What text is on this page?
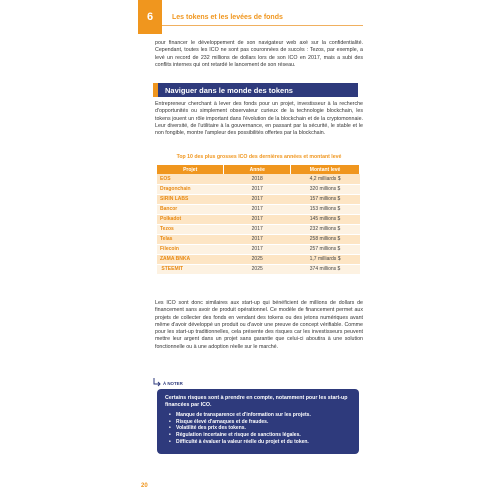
6	Les tokens et les levées de fonds

pour financer le développement de son navigateur web axé sur la confidentialité. Cependant, toutes les ICO ne sont pas couronnées de succès : Tezos, par exemple, a levé un record de 232 millions de dollars lors de son ICO en 2017, mais a subi des conflits internes qui ont retardé le lancement de son réseau.

Naviguer dans le monde des tokens

Entrepreneur cherchant à lever des fonds pour un projet, investisseur à la recherche d'opportunités ou simplement observateur curieux de la technologie blockchain, les tokens jouent un rôle important dans l'évolution de la blockchain et de la cryptomonnaie. Leur diversité, de l'utilitaire à la gouvernance, en passant par la sécurité, le stable et le non fongible, montre l'ampleur des possibilités offertes par la blockchain.

Top 10 des plus grosses ICO des dernières années et montant levé
Projet	Année	Montant levé
EOS	2018	4,2 milliards $
Dragonchain	2017	320 millions $
SIRIN LABS	2017	157 millions $
Bancor	2017	153 millions $
Polkadot	2017	145 millions $
Tezos	2017	232 millions $
Telas	2017	258 millions $
Filecoin	2017	257 millions $
ZAMA BNKA	2025	1,7 milliards $
STEEMIT	2025	374 millions $

Les ICO sont donc similaires aux start-up qui bénéficient de millions de dollars de financement sans avoir de produit opérationnel. Ce modèle de financement permet aux projets de collecter des fonds en vendant des tokens ou des jetons numériques avant même d'avoir développé un produit ou d'avoir une preuve de concept vérifiable. Comme pour les start-up traditionnelles, cela présente des risques car les investisseurs peuvent mettre leur argent dans un projet sans garantie que celui-ci aboutira à une solution fonctionnelle ou à une adoption réelle sur le marché.

À NOTER

Certains risques sont à prendre en compte, notamment pour les start-up financées par ICO.

• Manque de transparence et d'information sur les projets.
• Risque élevé d'arnaques et de fraudes.
• Volatilité des prix des tokens.
• Régulation incertaine et risque de sanctions légales.
• Difficulté à évaluer la valeur réelle du projet et du token.
20
